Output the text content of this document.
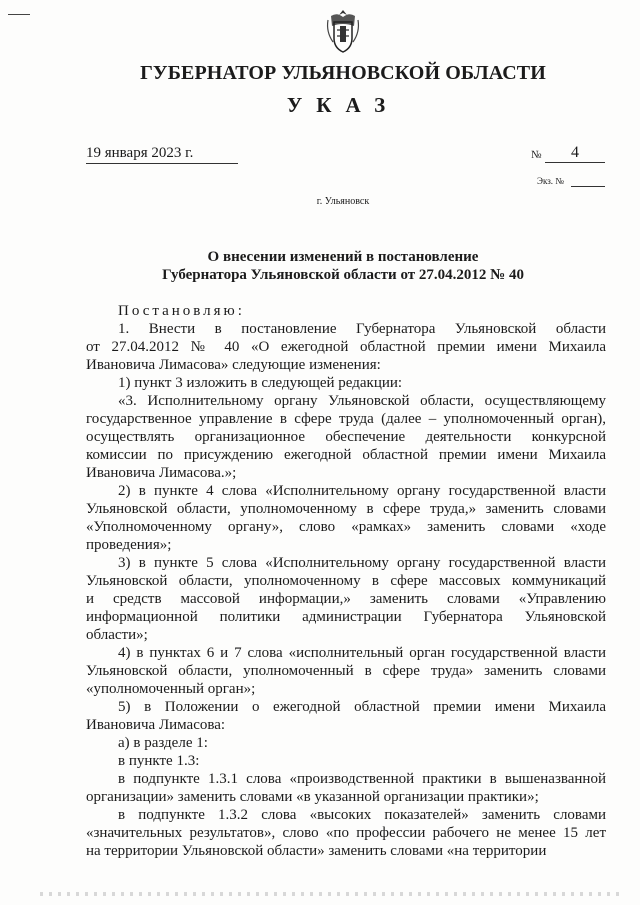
ГУБЕРНАТОР УЛЬЯНОВСКОЙ ОБЛАСТИ
УКАЗ
19 января 2023 г.	№	4
Экз. №
г. Ульяновск
О внесении изменений в постановление
Губернатора Ульяновской области от 27.04.2012 № 40

Постановляю:

1. Внести в постановление Губернатора Ульяновской области

от 27.04.2012 № 40 «О ежегодной областной премии имени Михаила

Ивановича Лимасова» следующие изменения:

1) пункт 3 изложить в следующей редакции:

«3. Исполнительному органу Ульяновской области, осуществляющему

государственное управление в сфере труда (далее – уполномоченный орган),

осуществлять организационное обеспечение деятельности конкурсной

комиссии по присуждению ежегодной областной премии имени Михаила

Ивановича Лимасова.»;

2) в пункте 4 слова «Исполнительному органу государственной власти

Ульяновской области, уполномоченному в сфере труда,» заменить словами

«Уполномоченному органу», слово «рамках» заменить словами «ходе

проведения»;

3) в пункте 5 слова «Исполнительному органу государственной власти

Ульяновской области, уполномоченному в сфере массовых коммуникаций

и средств массовой информации,» заменить словами «Управлению

информационной политики администрации Губернатора Ульяновской

области»;

4) в пунктах 6 и 7 слова «исполнительный орган государственной власти

Ульяновской области, уполномоченный в сфере труда» заменить словами

«уполномоченный орган»;

5) в Положении о ежегодной областной премии имени Михаила

Ивановича Лимасова:

а) в разделе 1:

в пункте 1.3:

в подпункте 1.3.1 слова «производственной практики в вышеназванной

организации» заменить словами «в указанной организации практики»;

в подпункте 1.3.2 слова «высоких показателей» заменить словами

«значительных результатов», слово «по профессии рабочего не менее 15 лет

на территории Ульяновской области» заменить словами «на территории
